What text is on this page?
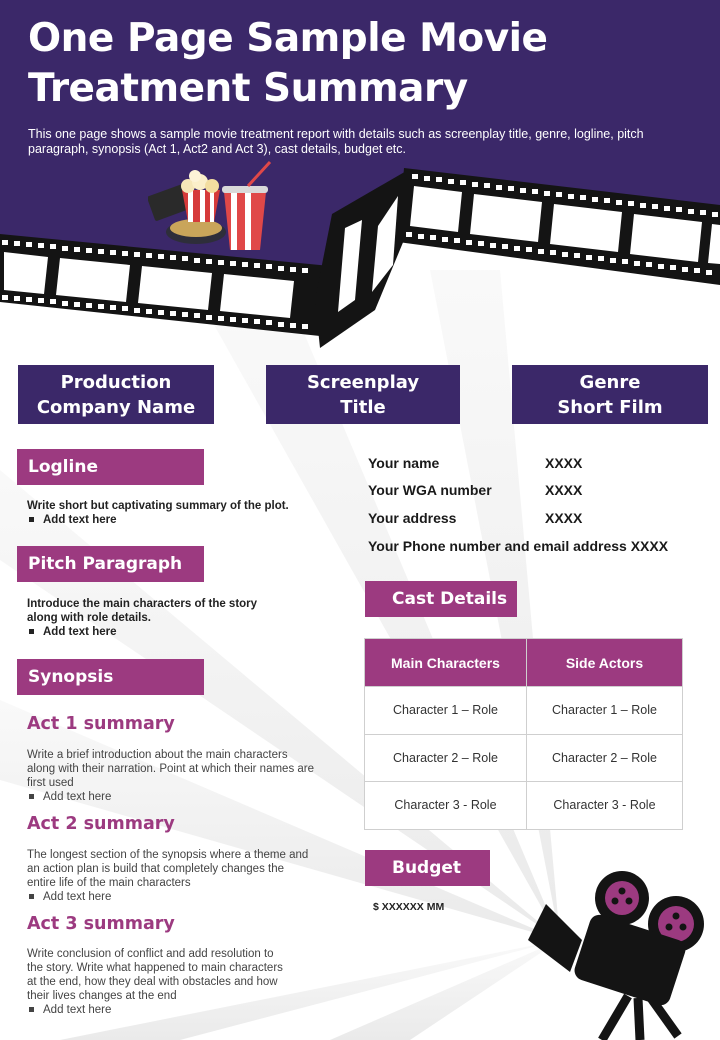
One Page Sample Movie Treatment Summary
This one page shows a sample movie treatment report with details such as screenplay title, genre, logline, pitch paragraph, synopsis (Act 1, Act2 and Act 3), cast details, budget etc.
Production
Company Name
Screenplay
Title
Genre
Short Film
Logline
Write short but captivating summary of the plot.
Add text here
Pitch Paragraph
Introduce the main characters of the story
along with role details.
Add text here
Synopsis
Act 1 summary
Write a brief introduction about the main characters
along with their narration. Point at which their names are
first used
Add text here
Act 2 summary
The longest section of the synopsis where a theme and
an action plan is build that completely changes the
entire life of the main characters
Add text here
Act 3 summary
Write conclusion of conflict and add resolution to
the story. Write what happened to main characters
at the end, how they deal with obstacles and how
their lives changes at the end
Add text here
Your name	XXXX
Your WGA number	XXXX
Your address	XXXX
Your Phone number and email address XXXX
Cast Details
Main Characters	Side Actors
Character 1 – Role	Character 1 – Role
Character 2 – Role	Character 2 – Role
Character 3 - Role	Character 3 - Role
Budget
$ XXXXXX MM
